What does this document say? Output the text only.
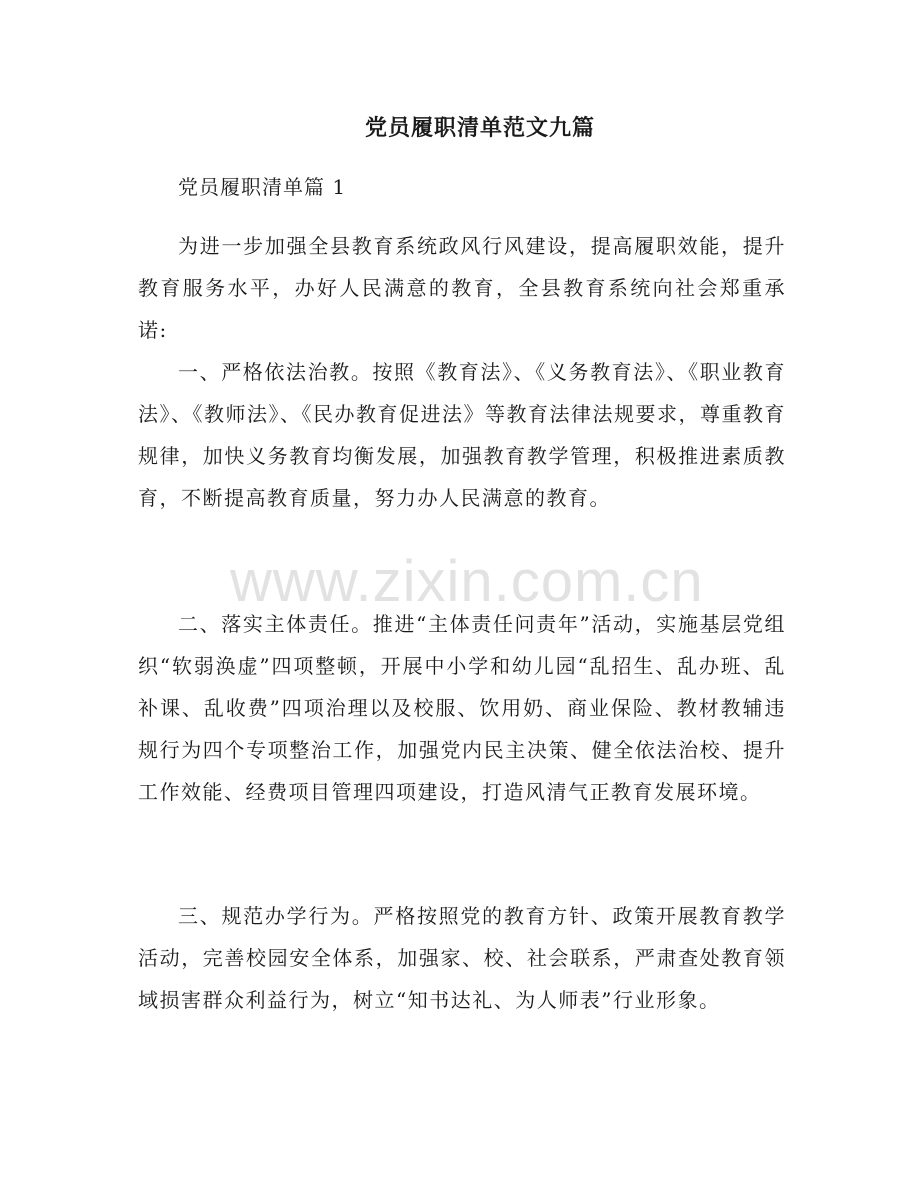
党员履职清单范文九篇
党员履职清单篇 1

为进一步加强全县教育系统政风行风建设，提高履职效能，提升教育服务水平，办好人民满意的教育，全县教育系统向社会郑重承诺:

一、严格依法治教。按照《教育法》、《义务教育法》、《职业教育法》、《教师法》、《民办教育促进法》等教育法律法规要求，尊重教育规律，加快义务教育均衡发展，加强教育教学管理，积极推进素质教育，不断提高教育质量，努力办人民满意的教育。

二、落实主体责任。推进“主体责任问责年”活动，实施基层党组织“软弱涣虚”四项整顿，开展中小学和幼儿园“乱招生、乱办班、乱补课、乱收费”四项治理以及校服、饮用奶、商业保险、教材教辅违规行为四个专项整治工作，加强党内民主决策、健全依法治校、提升工作效能、经费项目管理四项建设，打造风清气正教育发展环境。

三、规范办学行为。严格按照党的教育方针、政策开展教育教学活动，完善校园安全体系，加强家、校、社会联系，严肃查处教育领域损害群众利益行为，树立“知书达礼、为人师表”行业形象。

www.zixin.com.cn
